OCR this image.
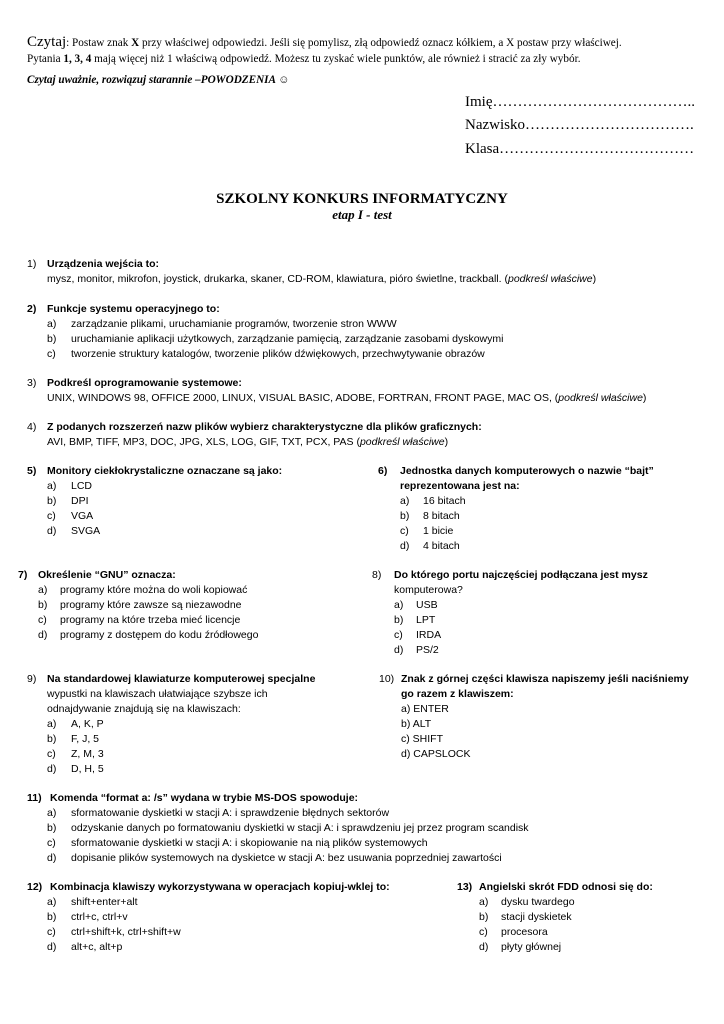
Czytaj: Postaw znak X przy właściwej odpowiedzi. Jeśli się pomylisz, złą odpowiedź oznacz kółkiem, a X postaw przy właściwej.
Pytania 1, 3, 4 mają więcej niż 1 właściwą odpowiedź. Możesz tu zyskać wiele punktów, ale również i stracić za zły wybór.
Czytaj uważnie, rozwiązuj starannie –POWODZENIA ☺
Imię…………………………………..
Nazwisko…………………………….
Klasa…………………………………
SZKOLNY KONKURS INFORMATYCZNY
etap I - test
1) Urządzenia wejścia to:
mysz, monitor, mikrofon, joystick, drukarka, skaner, CD-ROM, klawiatura, pióro świetlne, trackball. (podkreśl właściwe)
2) Funkcje systemu operacyjnego to:
a) zarządzanie plikami, uruchamianie programów, tworzenie stron WWW
b) uruchamianie aplikacji użytkowych, zarządzanie pamięcią, zarządzanie zasobami dyskowymi
c) tworzenie struktury katalogów, tworzenie plików dźwiękowych, przechwytywanie obrazów
3) Podkreśl oprogramowanie systemowe:
UNIX, WINDOWS 98, OFFICE 2000, LINUX, VISUAL BASIC, ADOBE, FORTRAN, FRONT PAGE, MAC OS, (podkreśl właściwe)
4) Z podanych rozszerzeń nazw plików wybierz charakterystyczne dla plików graficznych:
AVI, BMP, TIFF, MP3, DOC, JPG, XLS, LOG, GIF, TXT, PCX, PAS (podkreśl właściwe)
5) Monitory ciekłokrystaliczne oznaczane są jako:
a) LCD
b) DPI
c) VGA
d) SVGA
6) Jednostka danych komputerowych o nazwie “bajt”
reprezentowana jest na:
a) 16 bitach
b) 8 bitach
c) 1 bicie
d) 4 bitach
7) Określenie “GNU” oznacza:
a) programy które można do woli kopiować
b) programy które zawsze są niezawodne
c) programy na które trzeba mieć licencje
d) programy z dostępem do kodu źródłowego
8) Do którego portu najczęściej podłączana jest mysz
komputerowa?
a) USB
b) LPT
c) IRDA
d) PS/2
9) Na standardowej klawiaturze komputerowej specjalne
wypustki na klawiszach ułatwiające szybsze ich
odnajdywanie znajdują się na klawiszach:
a) A, K, P
b) F, J, 5
c) Z, M, 3
d) D, H, 5
10) Znak z górnej części klawisza napiszemy jeśli naciśniemy
go razem z klawiszem:
a) ENTER
b) ALT
c) SHIFT
d) CAPSLOCK
11) Komenda “format a: /s” wydana w trybie MS-DOS spowoduje:
a) sformatowanie dyskietki w stacji A: i sprawdzenie błędnych sektorów
b) odzyskanie danych po formatowaniu dyskietki w stacji A: i sprawdzeniu jej przez program scandisk
c) sformatowanie dyskietki w stacji A: i skopiowanie na nią plików systemowych
d) dopisanie plików systemowych na dyskietce w stacji A: bez usuwania poprzedniej zawartości
12) Kombinacja klawiszy wykorzystywana w operacjach kopiuj-wklej to:
a) shift+enter+alt
b) ctrl+c, ctrl+v
c) ctrl+shift+k, ctrl+shift+w
d) alt+c, alt+p
13) Angielski skrót FDD odnosi się do:
a) dysku twardego
b) stacji dyskietek
c) procesora
d) płyty głównej
